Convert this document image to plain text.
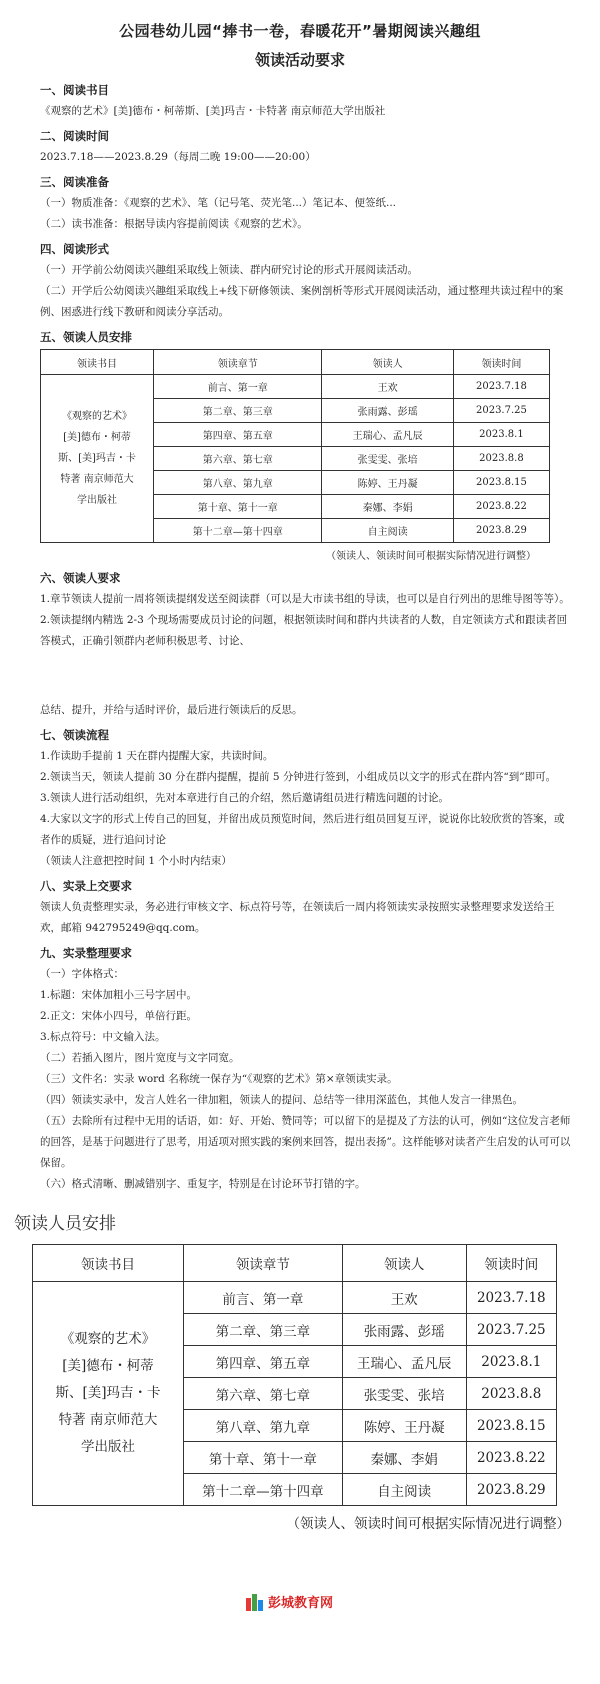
公园巷幼儿园“捧书一卷，春暖花开”暑期阅读兴趣组
领读活动要求
一、阅读书目

《观察的艺术》[美]德布・柯蒂斯、[美]玛吉・卡特著 南京师范大学出版社

二、阅读时间

2023.7.18——2023.8.29（每周二晚 19:00——20:00）

三、阅读准备

（一）物质准备：《观察的艺术》、笔（记号笔、荧光笔...）笔记本、便签纸...

（二）读书准备：根据导读内容提前阅读《观察的艺术》。

四、阅读形式

（一）开学前公幼阅读兴趣组采取线上领读、群内研究讨论的形式开展阅读活动。

（二）开学后公幼阅读兴趣组采取线上+线下研修领读、案例剖析等形式开展阅读活动，通过整理共读过程中的案例、困惑进行线下教研和阅读分享活动。

五、领读人员安排
领读书目	领读章节	领读人	领读时间

《观察的艺术》
[美]德布・柯蒂
斯、[美]玛吉・卡
特著 南京师范大
学出版社	前言、第一章	王欢	2023.7.18
	第二章、第三章	张雨露、彭瑶	2023.7.25
	第四章、第五章	王瑞心、孟凡辰	2023.8.1
	第六章、第七章	张雯雯、张培	2023.8.8
	第八章、第九章	陈婷、王丹凝	2023.8.15
	第十章、第十一章	秦娜、李娟	2023.8.22
	第十二章—第十四章	自主阅读	2023.8.29
（领读人、领读时间可根据实际情况进行调整）
六、领读人要求

1.章节领读人提前一周将领读提纲发送至阅读群（可以是大市读书组的导读，也可以是自行列出的思维导图等等）。

2.领读提纲内精选 2-3 个现场需要成员讨论的问题，根据领读时间和群内共读者的人数，自定领读方式和跟读者回答模式，正确引领群内老师积极思考、讨论、

总结、提升，并给与适时评价，最后进行领读后的反思。

七、领读流程

1.作读助手提前 1 天在群内提醒大家，共读时间。

2.领读当天，领读人提前 30 分在群内提醒，提前 5 分钟进行签到，小组成员以文字的形式在群内答“到”即可。

3.领读人进行活动组织，先对本章进行自己的介绍，然后邀请组员进行精选问题的讨论。

4.大家以文字的形式上传自己的回复，并留出成员预览时间，然后进行组员回复互评，说说你比较欣赏的答案，或者作的质疑，进行追问讨论

（领读人注意把控时间 1 个小时内结束）

八、实录上交要求

领读人负责整理实录，务必进行审核文字、标点符号等，在领读后一周内将领读实录按照实录整理要求发送给王欢，邮箱 942795249@qq.com。

九、实录整理要求

（一）字体格式：

1.标题：宋体加粗小三号字居中。

2.正文：宋体小四号，单倍行距。

3.标点符号：中文输入法。

（二）若插入图片，图片宽度与文字同宽。

（三）文件名：实录 word 名称统一保存为“《观察的艺术》第×章领读实录。

（四）领读实录中，发言人姓名一律加粗，领读人的提问、总结等一律用深蓝色，其他人发言一律黑色。

（五）去除所有过程中无用的话语，如：好、开始、赞同等；可以留下的是提及了方法的认可，例如“这位发言老师的回答，是基于问题进行了思考，用适项对照实践的案例来回答，提出表扬”。这样能够对读者产生启发的认可可以保留。

（六）格式清晰、删减错别字、重复字，特别是在讨论环节打错的字。

领读人员安排
领读书目	领读章节	领读人	领读时间

《观察的艺术》
[美]德布・柯蒂
斯、[美]玛吉・卡
特著 南京师范大
学出版社	前言、第一章	王欢	2023.7.18
	第二章、第三章	张雨露、彭瑶	2023.7.25
	第四章、第五章	王瑞心、孟凡辰	2023.8.1
	第六章、第七章	张雯雯、张培	2023.8.8
	第八章、第九章	陈婷、王丹凝	2023.8.15
	第十章、第十一章	秦娜、李娟	2023.8.22
	第十二章—第十四章	自主阅读	2023.8.29
（领读人、领读时间可根据实际情况进行调整）
彭城教育网
